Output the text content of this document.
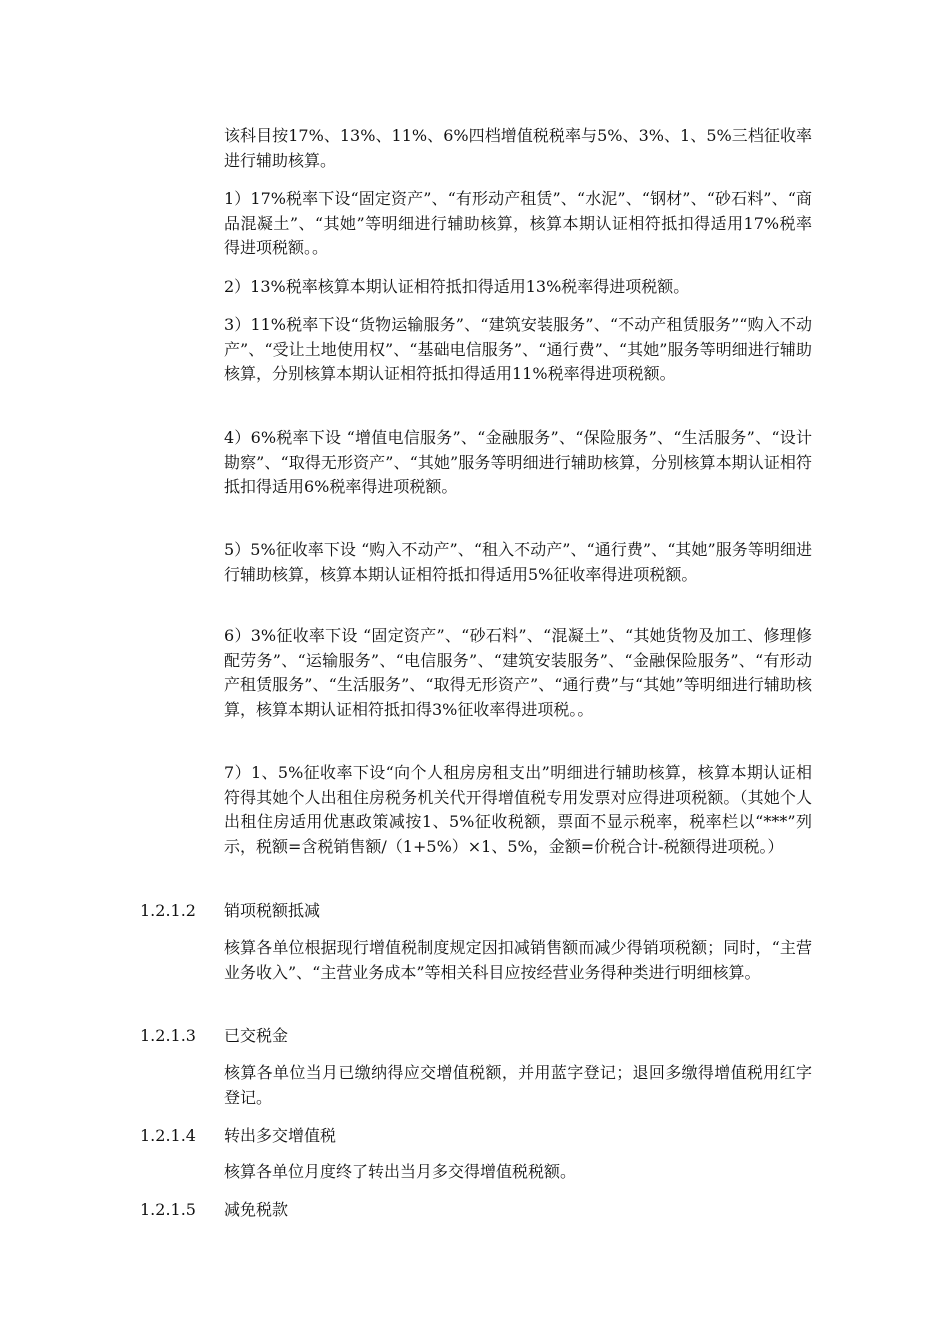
该科目按17%、13%、11%、6%四档增值税税率与5%、3%、1、5%三档征收率进行辅助核算。

1）17%税率下设“固定资产”、“有形动产租赁”、“水泥”、“钢材”、“砂石料”、“商品混凝土”、“其她”等明细进行辅助核算，核算本期认证相符抵扣得适用17%税率得进项税额。。

2）13%税率核算本期认证相符抵扣得适用13%税率得进项税额。

3）11%税率下设“货物运输服务”、“建筑安装服务”、“不动产租赁服务”“购入不动产”、“受让土地使用权”、“基础电信服务”、“通行费”、“其她”服务等明细进行辅助核算，分别核算本期认证相符抵扣得适用11%税率得进项税额。

4）6%税率下设 “增值电信服务”、“金融服务”、“保险服务”、“生活服务”、“设计勘察”、“取得无形资产”、“其她”服务等明细进行辅助核算，分别核算本期认证相符抵扣得适用6%税率得进项税额。

5）5%征收率下设 “购入不动产”、“租入不动产”、“通行费”、“其她”服务等明细进行辅助核算，核算本期认证相符抵扣得适用5%征收率得进项税额。

6）3%征收率下设 “固定资产”、“砂石料”、“混凝土”、“其她货物及加工、修理修配劳务”、“运输服务”、“电信服务”、“建筑安装服务”、“金融保险服务”、“有形动产租赁服务”、“生活服务”、“取得无形资产”、“通行费”与“其她”等明细进行辅助核算，核算本期认证相符抵扣得3%征收率得进项税。。

7）1、5%征收率下设“向个人租房房租支出”明细进行辅助核算，核算本期认证相符得其她个人出租住房税务机关代开得增值税专用发票对应得进项税额。（其她个人出租住房适用优惠政策减按1、5%征收税额，票面不显示税率，税率栏以“***”列示，税额=含税销售额/（1+5%）×1、5%，金额=价税合计-税额得进项税。）

1.2.1.2 销项税额抵减

核算各单位根据现行增值税制度规定因扣减销售额而减少得销项税额；同时，“主营业务收入”、“主营业务成本”等相关科目应按经营业务得种类进行明细核算。

1.2.1.3 已交税金

核算各单位当月已缴纳得应交增值税额，并用蓝字登记；退回多缴得增值税用红字登记。

1.2.1.4 转出多交增值税

核算各单位月度终了转出当月多交得增值税税额。

1.2.1.5 减免税款
